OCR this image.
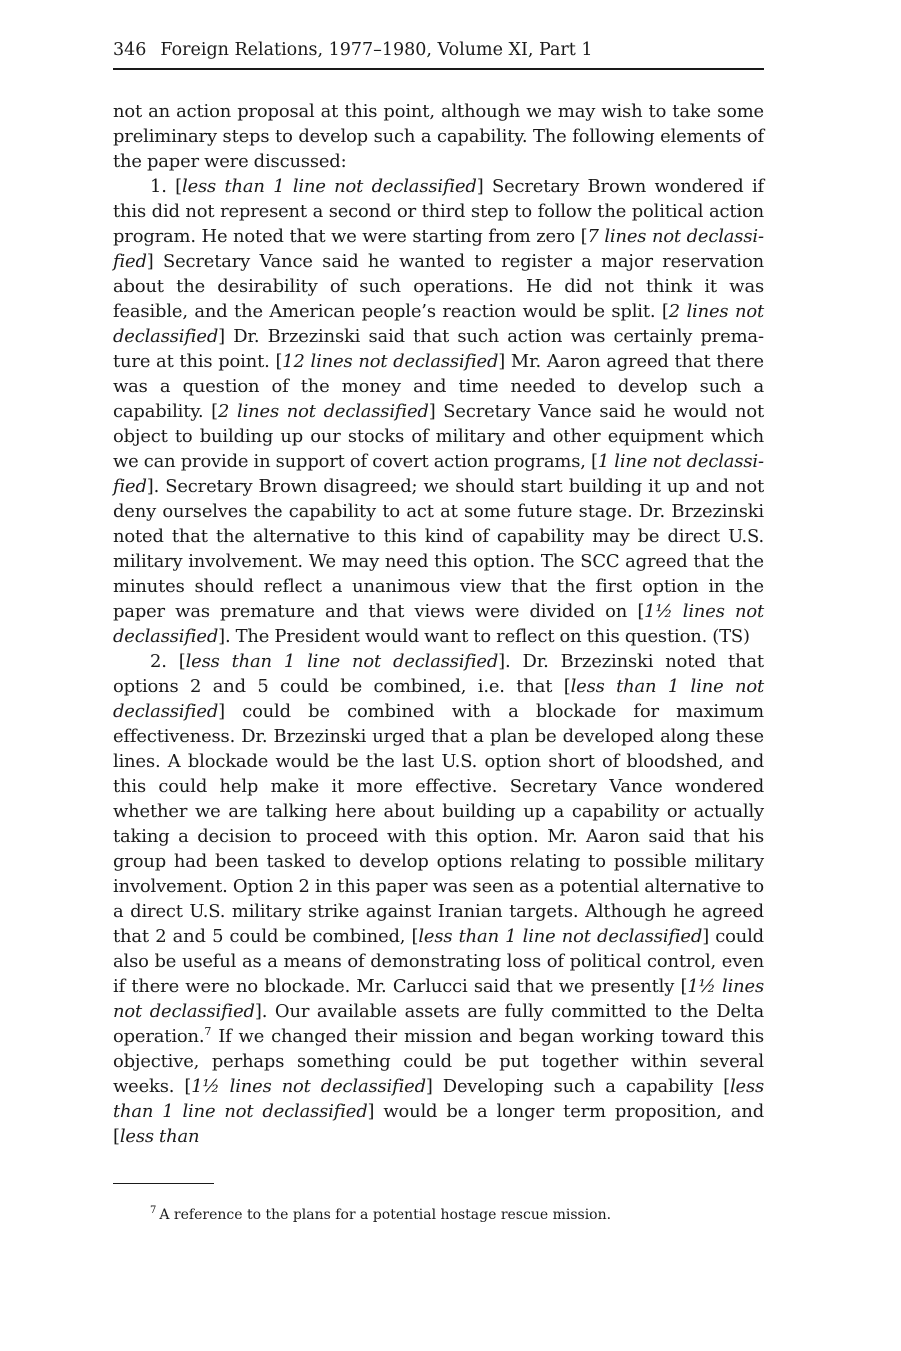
346 Foreign Relations, 1977–1980, Volume XI, Part 1

not an action proposal at this point, although we may wish to take some preliminary steps to develop such a capability. The following elements of the paper were discussed:

1. [less than 1 line not declassified] Secretary Brown wondered if this did not represent a second or third step to follow the political action program. He noted that we were starting from zero [7 lines not declassified] Secretary Vance said he wanted to register a major reservation about the desirability of such operations. He did not think it was feasible, and the American people’s reaction would be split. [2 lines not declassified] Dr. Brzezinski said that such action was certainly premature at this point. [12 lines not declassified] Mr. Aaron agreed that there was a question of the money and time needed to develop such a capability. [2 lines not declassified] Secretary Vance said he would not object to building up our stocks of military and other equipment which we can provide in support of covert action programs, [1 line not declassified]. Secretary Brown disagreed; we should start building it up and not deny ourselves the capability to act at some future stage. Dr. Brzezinski noted that the alternative to this kind of capability may be direct U.S. military involvement. We may need this option. The SCC agreed that the minutes should reflect a unanimous view that the first option in the paper was premature and that views were divided on [1½ lines not declassified]. The President would want to reflect on this question. (TS)

2. [less than 1 line not declassified]. Dr. Brzezinski noted that options 2 and 5 could be combined, i.e. that [less than 1 line not declassified] could be combined with a blockade for maximum effectiveness. Dr. Brzezinski urged that a plan be developed along these lines. A blockade would be the last U.S. option short of bloodshed, and this could help make it more effective. Secretary Vance wondered whether we are talking here about building up a capability or actually taking a decision to proceed with this option. Mr. Aaron said that his group had been tasked to develop options relating to possible military involvement. Option 2 in this paper was seen as a potential alternative to a direct U.S. military strike against Iranian targets. Although he agreed that 2 and 5 could be combined, [less than 1 line not declassified] could also be useful as a means of demonstrating loss of political control, even if there were no blockade. Mr. Carlucci said that we presently [1½ lines not declassified]. Our available assets are fully committed to the Delta operation.$^7$ If we changed their mission and began working toward this objective, perhaps something could be put together within several weeks. [1½ lines not declassified] Developing such a capability [less than 1 line not declassified] would be a longer term proposition, and [less than

$^7$ A reference to the plans for a potential hostage rescue mission.
